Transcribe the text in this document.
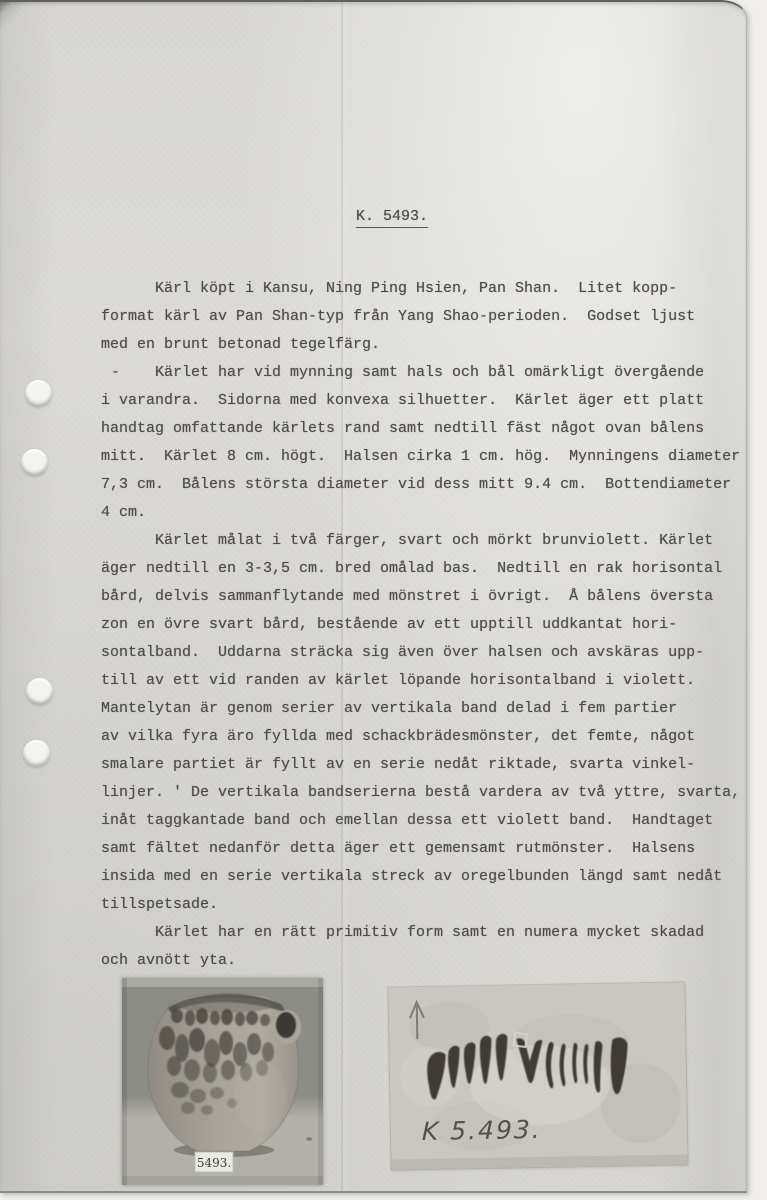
K. 5493.
Kärl köpt i Kansu, Ning Ping Hsien, Pan Shan.  Litet kopp-
format kärl av Pan Shan-typ från Yang Shao-perioden.  Godset ljust
med en brunt betonad tegelfärg.
- Kärlet har vid mynning samt hals och bål omärkligt övergående
i varandra.  Sidorna med konvexa silhuetter.  Kärlet äger ett platt
handtag omfattande kärlets rand samt nedtill fäst något ovan bålens
mitt.  Kärlet 8 cm. högt.  Halsen cirka 1 cm. hög.  Mynningens diameter
7,3 cm.  Bålens största diameter vid dess mitt 9.4 cm.  Bottendiameter
4 cm.
Kärlet målat i två färger, svart och mörkt brunviolett. Kärlet
äger nedtill en 3-3,5 cm. bred omålad bas.  Nedtill en rak horisontal
bård, delvis sammanflytande med mönstret i övrigt.  Å bålens översta
zon en övre svart bård, bestående av ett upptill uddkantat hori-
sontalband.  Uddarna sträcka sig även över halsen och avskäras upp-
till av ett vid randen av kärlet löpande horisontalband i violett.
Mantelytan är genom serier av vertikala band delad i fem partier
av vilka fyra äro fyllda med schackbrädesmönster, det femte, något
smalare partiet är fyllt av en serie nedåt riktade, svarta vinkel-
linjer. ' De vertikala bandserierna bestå vardera av två yttre, svarta,
inåt taggkantade band och emellan dessa ett violett band.  Handtaget
samt fältet nedanför detta äger ett gemensamt rutmönster.  Halsens
insida med en serie vertikala streck av oregelbunden längd samt nedåt
tillspetsade.
Kärlet har en rätt primitiv form samt en numera mycket skadad
och avnött yta.
5493.
K 5.493.
